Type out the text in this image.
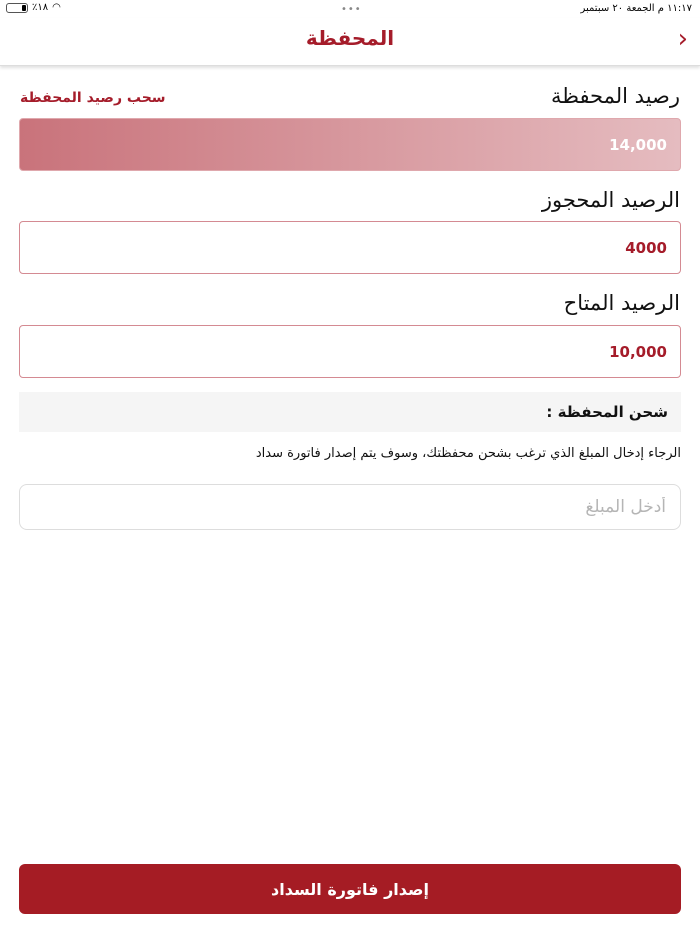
١١:١٧ م الجمعة ٢٠ سبتمبر
٪١٨ ◠	•••
المحفظة	›
رصيد المحفظة
سحب رصيد المحفظة
14,000
الرصيد المحجوز
4000
الرصيد المتاح
10,000
شحن المحفظة :
الرجاء إدخال المبلغ الذي ترغب بشحن محفظتك، وسوف يتم إصدار فاتورة سداد
أدخل المبلغ
إصدار فاتورة السداد
